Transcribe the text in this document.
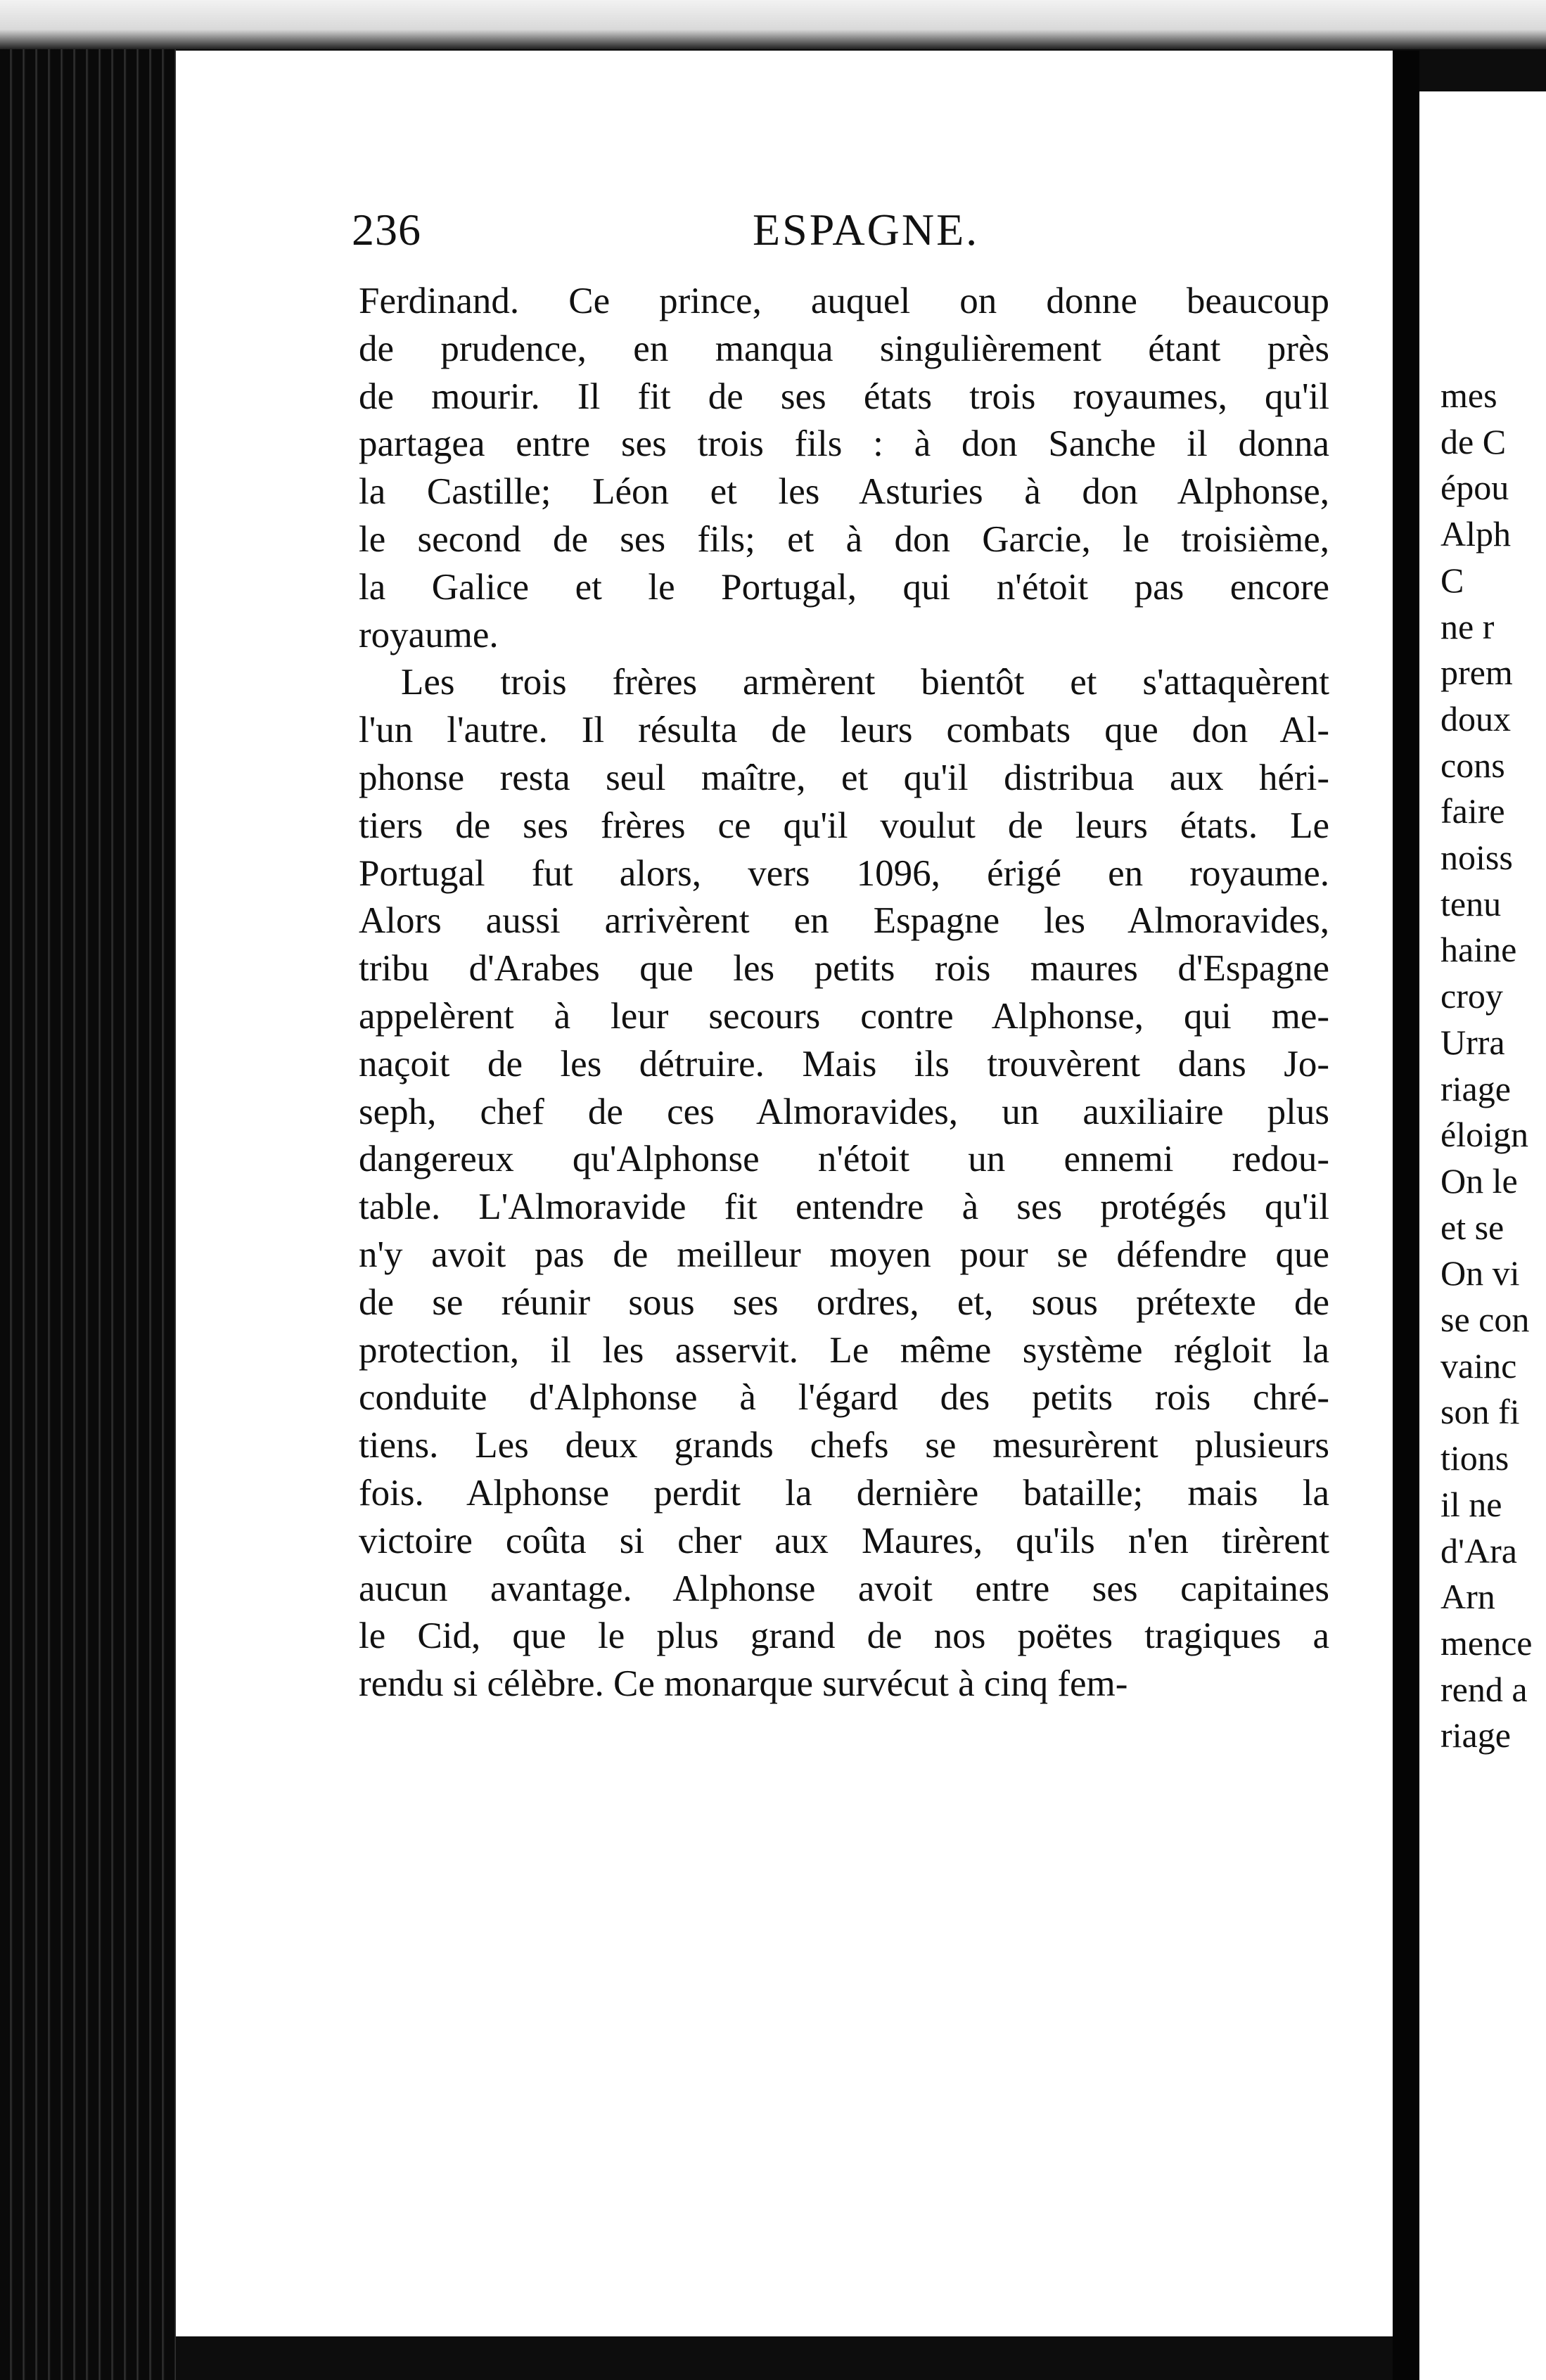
236	ESPAGNE.
Ferdinand. Ce prince, auquel on donne beaucoup
de prudence, en manqua singulièrement étant près
de mourir. Il fit de ses états trois royaumes, qu'il
partagea entre ses trois fils : à don Sanche il donna
la Castille; Léon et les Asturies à don Alphonse,
le second de ses fils; et à don Garcie, le troisième,
la Galice et le Portugal, qui n'étoit pas encore
royaume.
Les trois frères armèrent bientôt et s'attaquèrent
l'un l'autre. Il résulta de leurs combats que don Al-
phonse resta seul maître, et qu'il distribua aux héri-
tiers de ses frères ce qu'il voulut de leurs états. Le
Portugal fut alors, vers 1096, érigé en royaume.
Alors aussi arrivèrent en Espagne les Almoravides,
tribu d'Arabes que les petits rois maures d'Espagne
appelèrent à leur secours contre Alphonse, qui me-
naçoit de les détruire. Mais ils trouvèrent dans Jo-
seph, chef de ces Almoravides, un auxiliaire plus
dangereux qu'Alphonse n'étoit un ennemi redou-
table. L'Almoravide fit entendre à ses protégés qu'il
n'y avoit pas de meilleur moyen pour se défendre que
de se réunir sous ses ordres, et, sous prétexte de
protection, il les asservit. Le même système régloit la
conduite d'Alphonse à l'égard des petits rois chré-
tiens. Les deux grands chefs se mesurèrent plusieurs
fois. Alphonse perdit la dernière bataille; mais la
victoire coûta si cher aux Maures, qu'ils n'en tirèrent
aucun avantage. Alphonse avoit entre ses capitaines
le Cid, que le plus grand de nos poëtes tragiques a
rendu si célèbre. Ce monarque survécut à cinq fem-
mes
de C
épou
Alph
C
ne r
prem
doux
cons
faire
noiss
tenu
haine
croy
Urra
riage
éloign
On le
et se
On vi
se con
vainc
son fi
tions
il ne
d'Ara
Arn
mence
rend a
riage
